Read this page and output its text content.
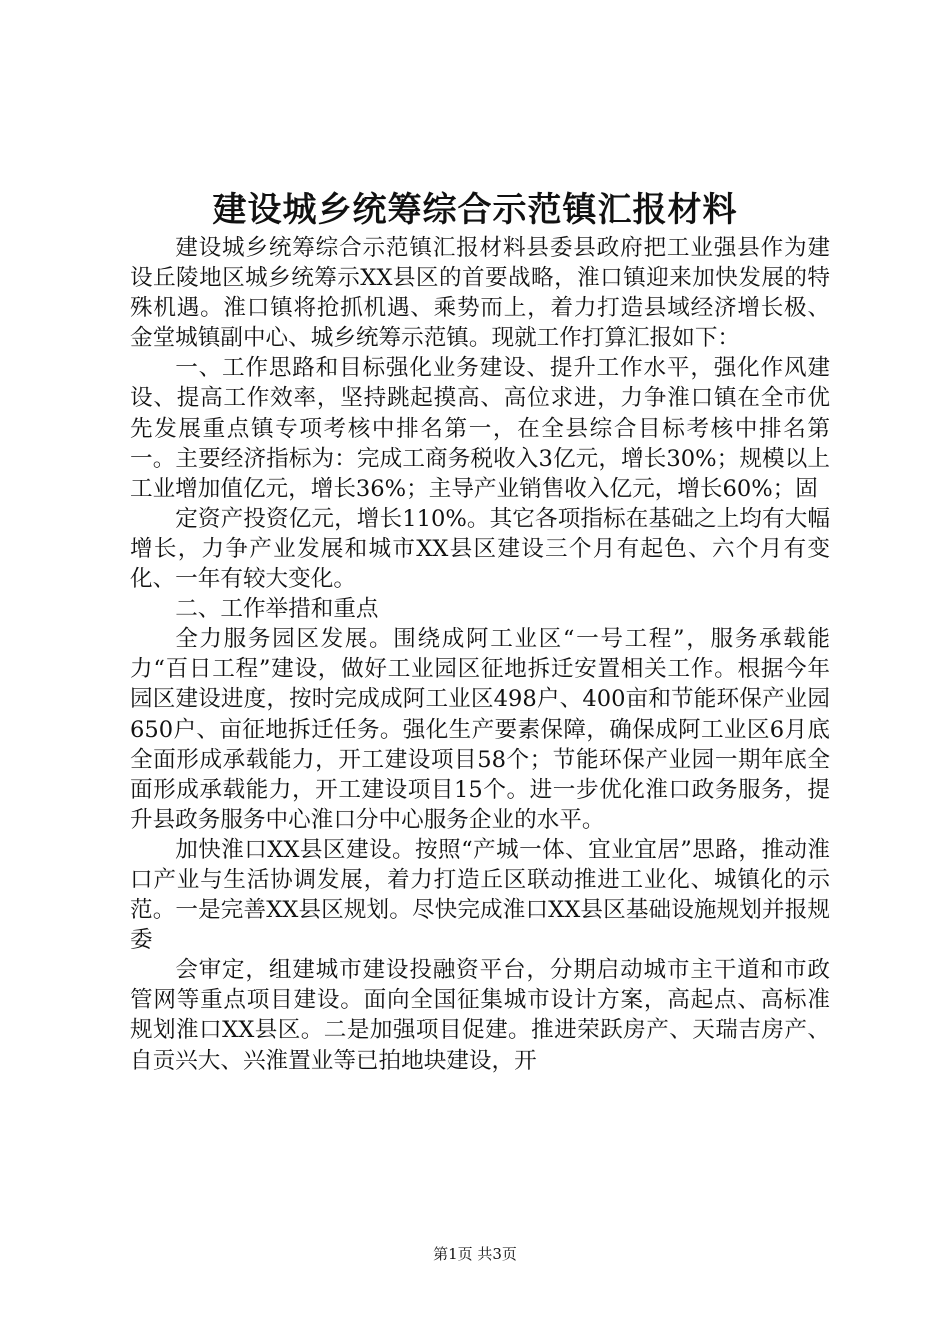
建设城乡统筹综合示范镇汇报材料

建设城乡统筹综合示范镇汇报材料县委县政府把工业强县作为建设丘陵地区城乡统筹示XX县区的首要战略，淮口镇迎来加快发展的特殊机遇。淮口镇将抢抓机遇、乘势而上，着力打造县域经济增长极、金堂城镇副中心、城乡统筹示范镇。现就工作打算汇报如下：

一、工作思路和目标强化业务建设、提升工作水平，强化作风建设、提高工作效率，坚持跳起摸高、高位求进，力争淮口镇在全市优先发展重点镇专项考核中排名第一，在全县综合目标考核中排名第一。主要经济指标为：完成工商务税收入3亿元，增长30%；规模以上工业增加值亿元，增长36%；主导产业销售收入亿元，增长60%；固

定资产投资亿元，增长110%。其它各项指标在基础之上均有大幅增长，力争产业发展和城市XX县区建设三个月有起色、六个月有变化、一年有较大变化。

二、工作举措和重点

全力服务园区发展。围绕成阿工业区“一号工程”，服务承载能力“百日工程”建设，做好工业园区征地拆迁安置相关工作。根据今年园区建设进度，按时完成成阿工业区498户、400亩和节能环保产业园650户、亩征地拆迁任务。强化生产要素保障，确保成阿工业区6月底全面形成承载能力，开工建设项目58个；节能环保产业园一期年底全面形成承载能力，开工建设项目15个。进一步优化淮口政务服务，提升县政务服务中心淮口分中心服务企业的水平。

加快淮口XX县区建设。按照“产城一体、宜业宜居”思路，推动淮口产业与生活协调发展，着力打造丘区联动推进工业化、城镇化的示范。一是完善XX县区规划。尽快完成淮口XX县区基础设施规划并报规委

会审定，组建城市建设投融资平台，分期启动城市主干道和市政管网等重点项目建设。面向全国征集城市设计方案，高起点、高标准规划淮口XX县区。二是加强项目促建。推进荣跃房产、天瑞吉房产、自贡兴大、兴淮置业等已拍地块建设，开

第1页 共3页
